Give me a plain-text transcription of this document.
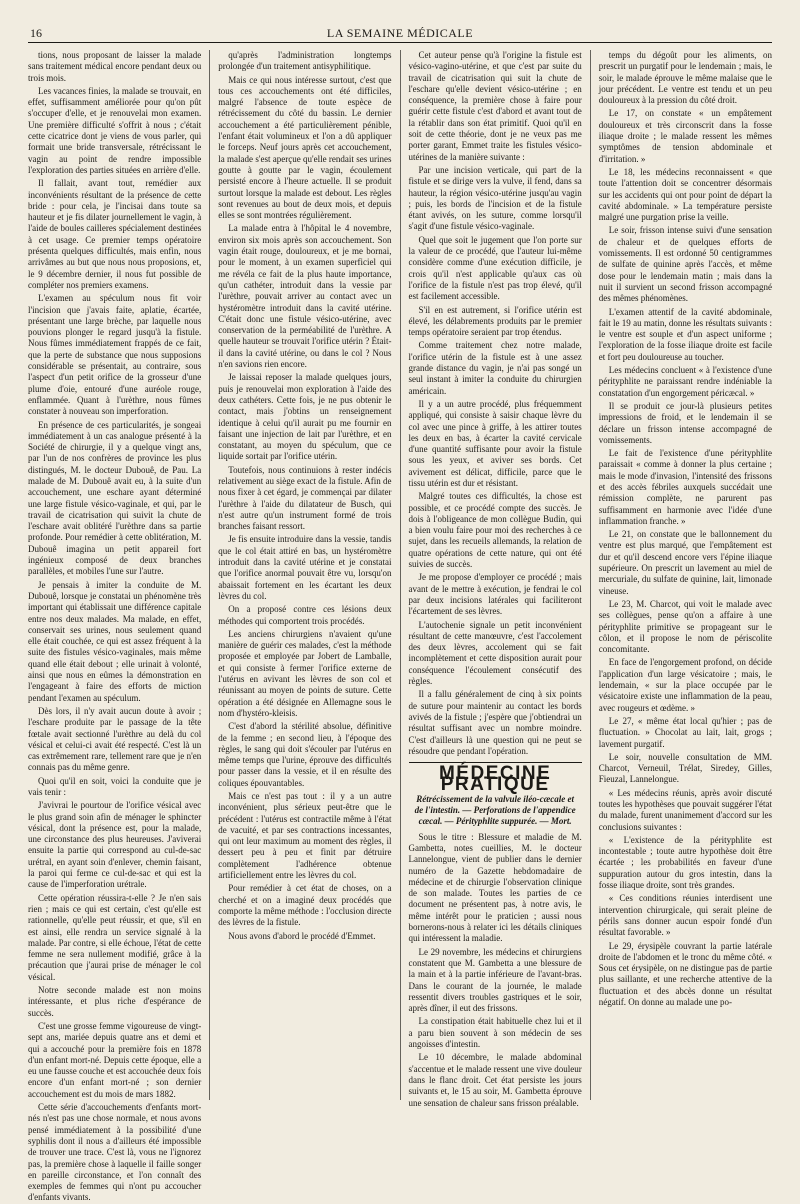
16	LA SEMAINE MÉDICALE

tions, nous proposant de laisser la malade sans traitement médical encore pendant deux ou trois mois.

Les vacances finies, la malade se trouvait, en effet, suffisamment améliorée pour qu'on pût s'occuper d'elle, et je renouvelai mon examen. Une première difficulté s'offrit à nous ; c'était cette cicatrice dont je viens de vous parler, qui formait une bride transversale, rétrécissant le vagin au point de rendre impossible l'exploration des parties situées en arrière d'elle.

Il fallait, avant tout, remédier aux inconvénients résultant de la présence de cette bride : pour cela, je l'incisai dans toute sa hauteur et je fis dilater journellement le vagin, à l'aide de boules cailleres spécialement destinées à cet usage. Ce premier temps opératoire présenta quelques difficultés, mais enfin, nous arrivâmes au but que nous nous proposions, et, le 9 décembre dernier, il nous fut possible de compléter nos premiers examens.

L'examen au spéculum nous fit voir l'incision que j'avais faite, aplatie, écartée, présentant une large brèche, par laquelle nous pouvions plonger le regard jusqu'à la fistule. Nous fûmes immédiatement frappés de ce fait, que la perte de substance que nous supposions considérable se présentait, au contraire, sous l'aspect d'un petit orifice de la grosseur d'une plume d'oie, entouré d'une auréole rouge, enflammée. Quant à l'urèthre, nous fûmes constater à nouveau son imperforation.

En présence de ces particularités, je songeai immédiatement à un cas analogue présenté à la Société de chirurgie, il y a quelque vingt ans, par l'un de nos confrères de province les plus distingués, M. le docteur Dubouê, de Pau. La malade de M. Dubouê avait eu, à la suite d'un accouchement, une eschare ayant déterminé une large fistule vésico-vaginale, et qui, par le travail de cicatrisation qui suivit la chute de l'eschare avait oblitéré l'urèthre dans sa partie profonde. Pour remédier à cette oblitération, M. Dubouê imagina un petit appareil fort ingénieux composé de deux branches parallèles, et mobiles l'une sur l'autre.

Je pensais à imiter la conduite de M. Dubouê, lorsque je constatai un phénomène très important qui établissait une différence capitale entre nos deux malades. Ma malade, en effet, conservait ses urines, nous seulement quand elle était couchée, ce qui est assez fréquent à la suite des fistules vésico-vaginales, mais même quand elle était debout ; elle urinait à volonté, ainsi que nous en eûmes la démonstration en l'engageant à faire des efforts de miction pendant l'examen au spéculum.

Dès lors, il n'y avait aucun doute à avoir ; l'eschare produite par le passage de la tête fœtale avait sectionné l'urèthre au delà du col vésical et celui-ci avait été respecté. C'est là un cas extrêmement rare, tellement rare que je n'en connais pas du même genre.

Quoi qu'il en soit, voici la conduite que je vais tenir :

J'avivrai le pourtour de l'orifice vésical avec le plus grand soin afin de ménager le sphincter vésical, dont la présence est, pour la malade, une circonstance des plus heureuses. J'aviverai ensuite la partie qui correspond au cul-de-sac urétral, en ayant soin d'enlever, chemin faisant, la paroi qui ferme ce cul-de-sac et qui est la cause de l'imperforation urétrale.

Cette opération réussira-t-elle ? Je n'en sais rien ; mais ce qui est certain, c'est qu'elle est rationnelle, qu'elle peut réussir, et que, s'il en est ainsi, elle rendra un service signalé à la malade. Par contre, si elle échoue, l'état de cette femme ne sera nullement modifié, grâce à la précaution que j'aurai prise de ménager le col vésical.

Notre seconde malade est non moins intéressante, et plus riche d'espérance de succès.

C'est une grosse femme vigoureuse de vingt-sept ans, mariée depuis quatre ans et demi et qui a accouché pour la première fois en 1878 d'un enfant mort-né. Depuis cette époque, elle a eu une fausse couche et est accouchée deux fois encore d'un enfant mort-né ; son dernier accouchement est du mois de mars 1882.

Cette série d'accouchements d'enfants mort-nés n'est pas une chose normale, et nous avons pensé immédiatement à la possibilité d'une syphilis dont il nous a d'ailleurs été impossible de trouver une trace. C'est là, vous ne l'ignorez pas, la première chose à laquelle il faille songer en pareille circonstance, et l'on connaît des exemples de femmes qui n'ont pu accoucher d'enfants vivants.

qu'après l'administration longtemps prolongée d'un traitement antisyphilitique.

Mais ce qui nous intéresse surtout, c'est que tous ces accouchements ont été difficiles, malgré l'absence de toute espèce de rétrécissement du côté du bassin. Le dernier accouchement a été particulièrement pénible, l'enfant était volumineux et l'on a dû appliquer le forceps. Neuf jours après cet accouchement, la malade s'est aperçue qu'elle rendait ses urines goutte à goutte par le vagin, écoulement persisté encore à l'heure actuelle. Il se produit surtout lorsque la malade est debout. Les règles sont revenues au bout de deux mois, et depuis elles se sont montrées régulièrement.

La malade entra à l'hôpital le 4 novembre, environ six mois après son accouchement. Son vagin était rouge, douloureux, et je me bornai, pour le moment, à un examen superficiel qui me révéla ce fait de la plus haute importance, qu'un cathéter, introduit dans la vessie par l'urèthre, pouvait arriver au contact avec un hystéromètre introduit dans la cavité utérine. C'était donc une fistule vésico-utérine, avec conservation de la perméabilité de l'urèthre. A quelle hauteur se trouvait l'orifice utérin ? Était-il dans la cavité utérine, ou dans le col ? Nous n'en savions rien encore.

Je laissai reposer la malade quelques jours, puis je renouvelai mon exploration à l'aide des deux cathéters. Cette fois, je ne pus obtenir le contact, mais j'obtins un renseignement identique à celui qu'il aurait pu me fournir en faisant une injection de lait par l'urèthre, et en constatant, au moyen du spéculum, que ce liquide sortait par l'orifice utérin.

Toutefois, nous continuions à rester indécis relativement au siège exact de la fistule. Afin de nous fixer à cet égard, je commençai par dilater l'urèthre à l'aide du dilatateur de Busch, qui n'est autre qu'un instrument formé de trois branches faisant ressort.

Je fis ensuite introduire dans la vessie, tandis que le col était attiré en bas, un hystéromètre introduit dans la cavité utérine et je constatai que l'orifice anormal pouvait être vu, lorsqu'on abaissait fortement en les écartant les deux lèvres du col.

On a proposé contre ces lésions deux méthodes qui comportent trois procédés.

Les anciens chirurgiens n'avaient qu'une manière de guérir ces malades, c'est la méthode proposée et employée par Jobert de Lamballe, et qui consiste à fermer l'orifice externe de l'utérus en avivant les lèvres de son col et réunissant au moyen de points de suture. Cette opération a été désignée en Allemagne sous le nom d'hystéro-kleisis.

C'est d'abord la stérilité absolue, définitive de la femme ; en second lieu, à l'époque des règles, le sang qui doit s'écouler par l'utérus en même temps que l'urine, éprouve des difficultés pour passer dans la vessie, et il en résulte des coliques épouvantables.

Mais ce n'est pas tout : il y a un autre inconvénient, plus sérieux peut-être que le précédent : l'utérus est contractile même à l'état de vacuité, et par ses contractions incessantes, qui ont leur maximum au moment des règles, il dessert peu à peu et finit par détruire complètement l'adhérence obtenue artificiellement entre les lèvres du col.

Pour remédier à cet état de choses, on a cherché et on a imaginé deux procédés que comporte la même méthode : l'occlusion directe des lèvres de la fistule.

Nous avons d'abord le procédé d'Emmet.

Cet auteur pense qu'à l'origine la fistule est vésico-vagino-utérine, et que c'est par suite du travail de cicatrisation qui suit la chute de l'eschare qu'elle devient vésico-utérine ; en conséquence, la première chose à faire pour guérir cette fistule c'est d'abord et avant tout de la rétablir dans son état primitif. Quoi qu'il en soit de cette théorie, dont je ne veux pas me porter garant, Emmet traite les fistules vésico-utérines de la manière suivante :

Par une incision verticale, qui part de la fistule et se dirige vers la vulve, il fend, dans sa hauteur, la région vésico-utérine jusqu'au vagin ; puis, les bords de l'incision et de la fistule étant avivés, on les suture, comme lorsqu'il s'agit d'une fistule vésico-vaginale.

Quel que soit le jugement que l'on porte sur la valeur de ce procédé, que l'auteur lui-même considère comme d'une exécution difficile, je crois qu'il n'est applicable qu'aux cas où l'orifice de la fistule n'est pas trop élevé, qu'il est facilement accessible.

S'il en est autrement, si l'orifice utérin est élevé, les délabrements produits par le premier temps opératoire seraient par trop étendus.

Comme traitement chez notre malade, l'orifice utérin de la fistule est à une assez grande distance du vagin, je n'ai pas songé un seul instant à imiter la conduite du chirurgien américain.

Il y a un autre procédé, plus fréquemment appliqué, qui consiste à saisir chaque lèvre du col avec une pince à griffe, à les attirer toutes les deux en bas, à écarter la cavité cervicale d'une quantité suffisante pour avoir la fistule sous les yeux, et aviver ses bords. Cet avivement est délicat, difficile, parce que le tissu utérin est dur et résistant.

Malgré toutes ces difficultés, la chose est possible, et ce procédé compte des succès. Je dois à l'obligeance de mon collègue Budin, qui a bien voulu faire pour moi des recherches à ce sujet, dans les recueils allemands, la relation de quatre opérations de cette nature, qui ont été suivies de succès.

Je me propose d'employer ce procédé ; mais avant de le mettre à exécution, je fendrai le col par deux incisions latérales qui faciliteront l'écartement de ses lèvres.

L'autochenie signale un petit inconvénient résultant de cette manœuvre, c'est l'accolement des deux lèvres, accolement qui se fait incomplètement et cette disposition aurait pour conséquence l'écoulement consécutif des règles.

Il a fallu généralement de cinq à six points de suture pour maintenir au contact les bords avivés de la fistule ; j'espère que j'obtiendrai un résultat suffisant avec un nombre moindre. C'est d'ailleurs là une question qui ne peut se résoudre que pendant l'opération.

MÉDECINE PRATIQUE
Rétrécissement de la valvule iléo-cæcale et de l'intestin. — Perforations de l'appendice cæcal. — Pérityphlite suppurée. — Mort.

Sous le titre : Blessure et maladie de M. Gambetta, notes cueillies, M. le docteur Lannelongue, vient de publier dans le dernier numéro de la Gazette hebdomadaire de médecine et de chirurgie l'observation clinique de son malade. Toutes les parties de ce document ne présentent pas, à notre avis, le même intérêt pour le praticien ; aussi nous bornerons-nous à relater ici les détails cliniques qui intéressent la maladie.

Le 29 novembre, les médecins et chirurgiens constatent que M. Gambetta a une blessure de la main et à la partie inférieure de l'avant-bras. Dans le courant de la journée, le malade ressentit divers troubles gastriques et le soir, après dîner, il eut des frissons.

La constipation était habituelle chez lui et il a paru bien souvent à son médecin de ses angoisses d'intestin.

Le 10 décembre, le malade abdominal s'accentue et le malade ressent une vive douleur dans le flanc droit. Cet état persiste les jours suivants et, le 15 au soir, M. Gambetta éprouve une sensation de chaleur sans frisson préalable.

temps du dégoût pour les aliments, on prescrit un purgatif pour le lendemain ; mais, le soir, le malade éprouve le même malaise que le jour précédent. Le ventre est tendu et un peu douloureux à la pression du côté droit.

Le 17, on constate « un empâtement douloureux et très circonscrit dans la fosse iliaque droite ; le malade ressent les mêmes symptômes de tension abdominale et d'irritation. »

Le 18, les médecins reconnaissent « que toute l'attention doit se concentrer désormais sur les accidents qui ont pour point de départ la cavité abdominale. » La température persiste malgré une purgation prise la veille.

Le soir, frisson intense suivi d'une sensation de chaleur et de quelques efforts de vomissements. Il est ordonné 50 centigrammes de sulfate de quinine après l'accès, et même dose pour le lendemain matin ; mais dans la nuit il survient un second frisson accompagné des mêmes phénomènes.

L'examen attentif de la cavité abdominale, fait le 19 au matin, donne les résultats suivants : le ventre est souple et d'un aspect uniforme ; l'exploration de la fosse iliaque droite est facile et fort peu douloureuse au toucher.

Les médecins concluent « à l'existence d'une pérityphlite ne paraissant rendre indéniable la constatation d'un engorgement péricæcal. »

Il se produit ce jour-là plusieurs petites impressions de froid, et le lendemain il se déclare un frisson intense accompagné de vomissements.

Le fait de l'existence d'une pérityphlite paraissait « comme à donner la plus certaine ; mais le mode d'invasion, l'intensité des frissons et des accès fébriles auxquels succédait une rémission complète, ne parurent pas suffisamment en harmonie avec l'idée d'une inflammation franche. »

Le 21, on constate que le ballonnement du ventre est plus marqué, que l'empâtement est dur et qu'il descend encore vers l'épine iliaque supérieure. On prescrit un lavement au miel de mercuriale, du sulfate de quinine, lait, limonade vineuse.

Le 23, M. Charcot, qui voit le malade avec ses collègues, pense qu'on a affaire à une pérityphlite primitive se propageant sur le côlon, et il propose le nom de périscolite concomitante.

En face de l'engorgement profond, on décide l'application d'un large vésicatoire ; mais, le lendemain, « sur la place occupée par le vésicatoire existe une inflammation de la peau, avec rougeurs et œdème. »

Le 27, « même état local qu'hier ; pas de fluctuation. » Chocolat au lait, lait, grogs ; lavement purgatif.

Le soir, nouvelle consultation de MM. Charcot, Verneuil, Trélat, Siredey, Gilles, Fieuzal, Lannelongue.

« Les médecins réunis, après avoir discuté toutes les hypothèses que pouvait suggérer l'état du malade, furent unanimement d'accord sur les conclusions suivantes :

« L'existence de la pérityphlite est incontestable ; toute autre hypothèse doit être écartée ; les probabilités en faveur d'une suppuration autour du gros intestin, dans la fosse iliaque droite, sont très grandes.

« Ces conditions réunies interdisent une intervention chirurgicale, qui serait pleine de périls sans donner aucun espoir fondé d'un résultat favorable. »

Le 29, érysipèle couvrant la partie latérale droite de l'abdomen et le tronc du même côté. « Sous cet érysipèle, on ne distingue pas de partie plus saillante, et une recherche attentive de la fluctuation et des abcès donne un résultat négatif. On donne au malade une po-
